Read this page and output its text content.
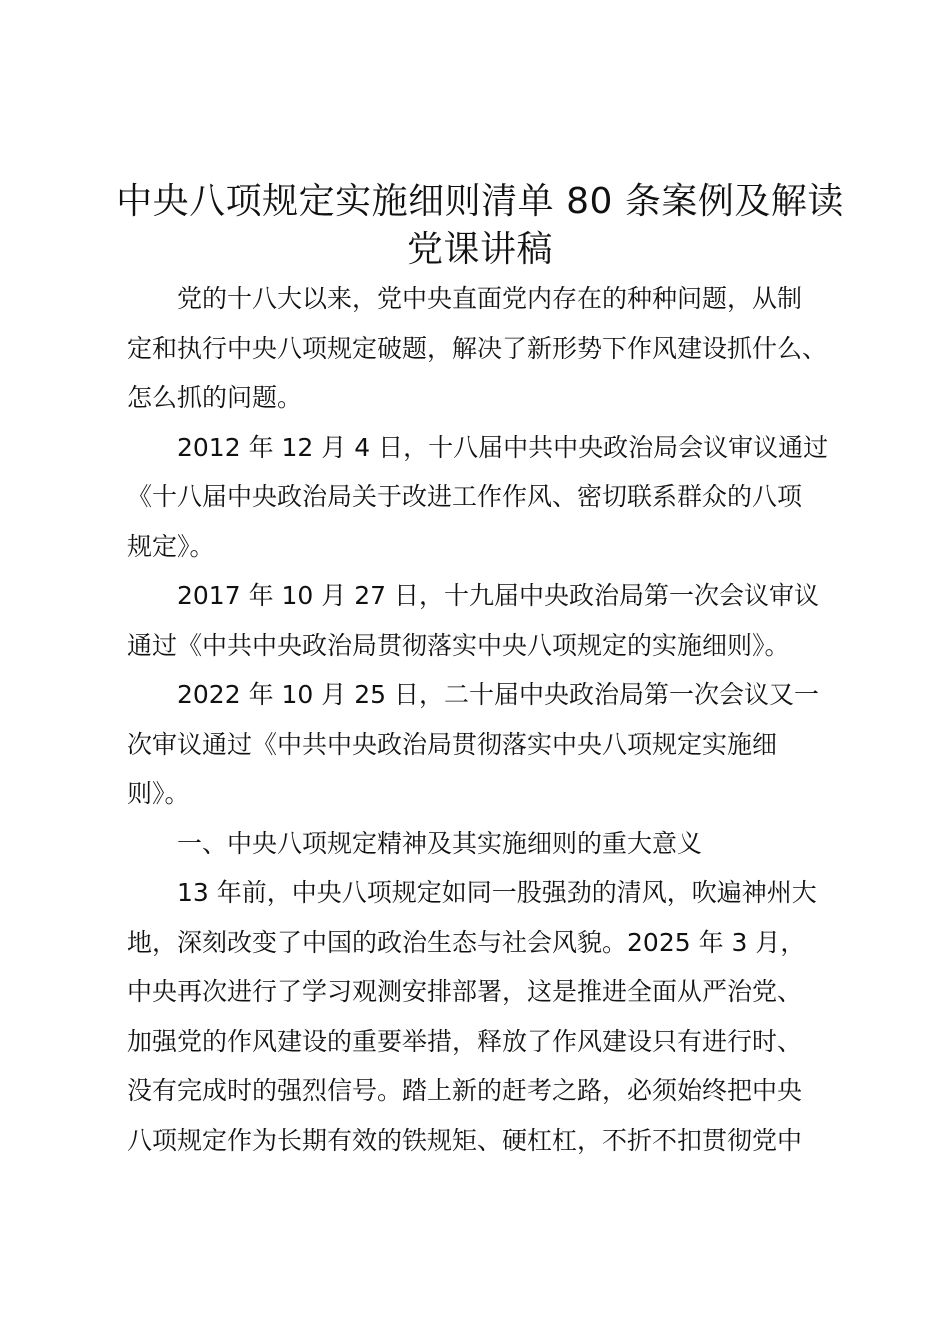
中央八项规定实施细则清单 80 条案例及解读
党课讲稿

党的十八大以来，党中央直面党内存在的种种问题，从制
定和执行中央八项规定破题，解决了新形势下作风建设抓什么、
怎么抓的问题。

2012 年 12 月 4 日，十八届中共中央政治局会议审议通过
《十八届中央政治局关于改进工作作风、密切联系群众的八项
规定》。

2017 年 10 月 27 日，十九届中央政治局第一次会议审议
通过《中共中央政治局贯彻落实中央八项规定的实施细则》。

2022 年 10 月 25 日，二十届中央政治局第一次会议又一
次审议通过《中共中央政治局贯彻落实中央八项规定实施细
则》。

一、中央八项规定精神及其实施细则的重大意义

13 年前，中央八项规定如同一股强劲的清风，吹遍神州大
地，深刻改变了中国的政治生态与社会风貌。2025 年 3 月，
中央再次进行了学习观测安排部署，这是推进全面从严治党、
加强党的作风建设的重要举措，释放了作风建设只有进行时、
没有完成时的强烈信号。踏上新的赶考之路，必须始终把中央
八项规定作为长期有效的铁规矩、硬杠杠，不折不扣贯彻党中
